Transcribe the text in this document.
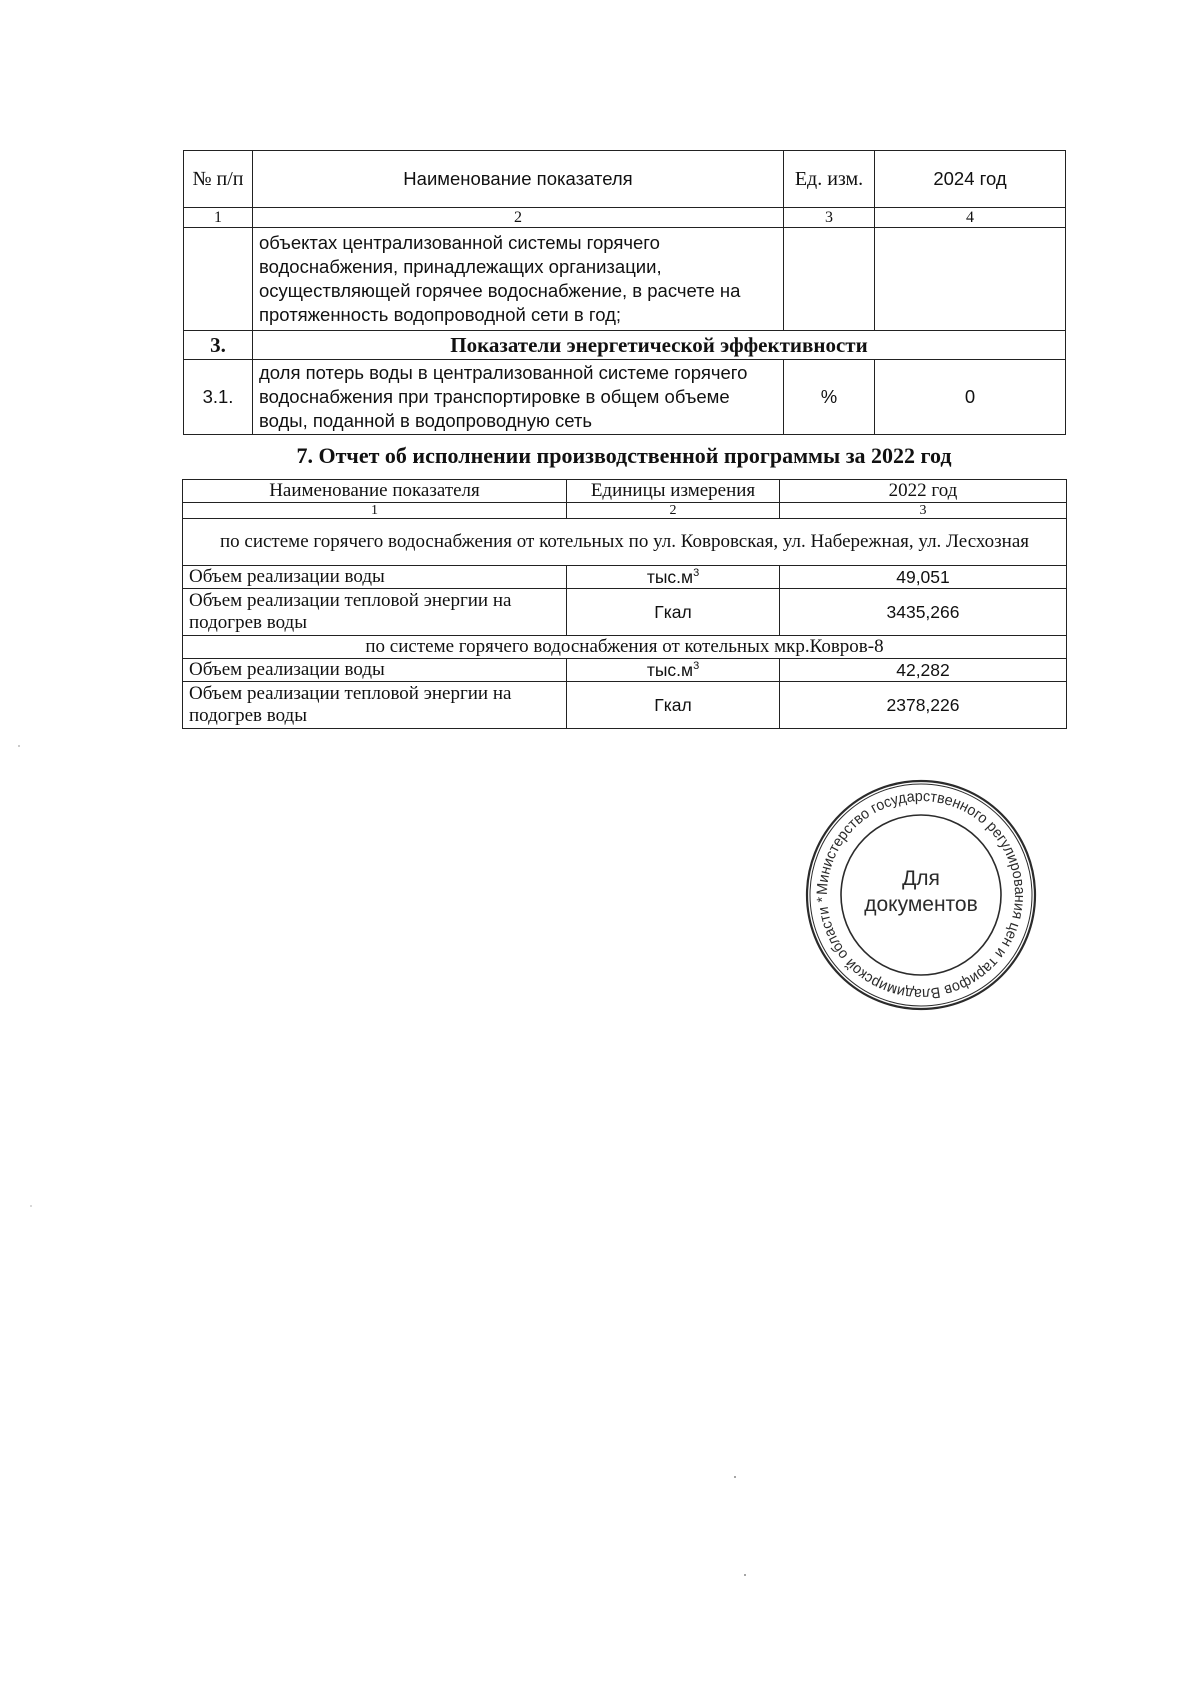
№ п/п	Наименование показателя	Ед. изм.	2024 год
1	2	3	4
	объектах централизованной системы горячего водоснабжения, принадлежащих организации, осуществляющей горячее водоснабжение, в расчете на протяженность водопроводной сети в год;		
3.	Показатели энергетической эффективности		
3.1.	доля потерь воды в централизованной системе горячего водоснабжения при транспортировке в общем объеме воды, поданной в водопроводную сеть	%	0
7. Отчет об исполнении производственной программы за 2022 год
Наименование показателя	Единицы измерения	2022 год
1	2	3
по системе горячего водоснабжения от котельных по ул. Ковровская, ул. Набережная, ул. Лесхозная		
Объем реализации воды	$тыс.м^3$	49,051
Объем реализации тепловой энергии на подогрев воды	Гкал	3435,266
по системе горячего водоснабжения от котельных мкр.Ковров-8		
Объем реализации воды	$тыс.м^3$	42,282
Объем реализации тепловой энергии на подогрев воды	Гкал	2378,226
Министерство государственного регулирования цен и тарифов Владимирской области *
Для
документов
